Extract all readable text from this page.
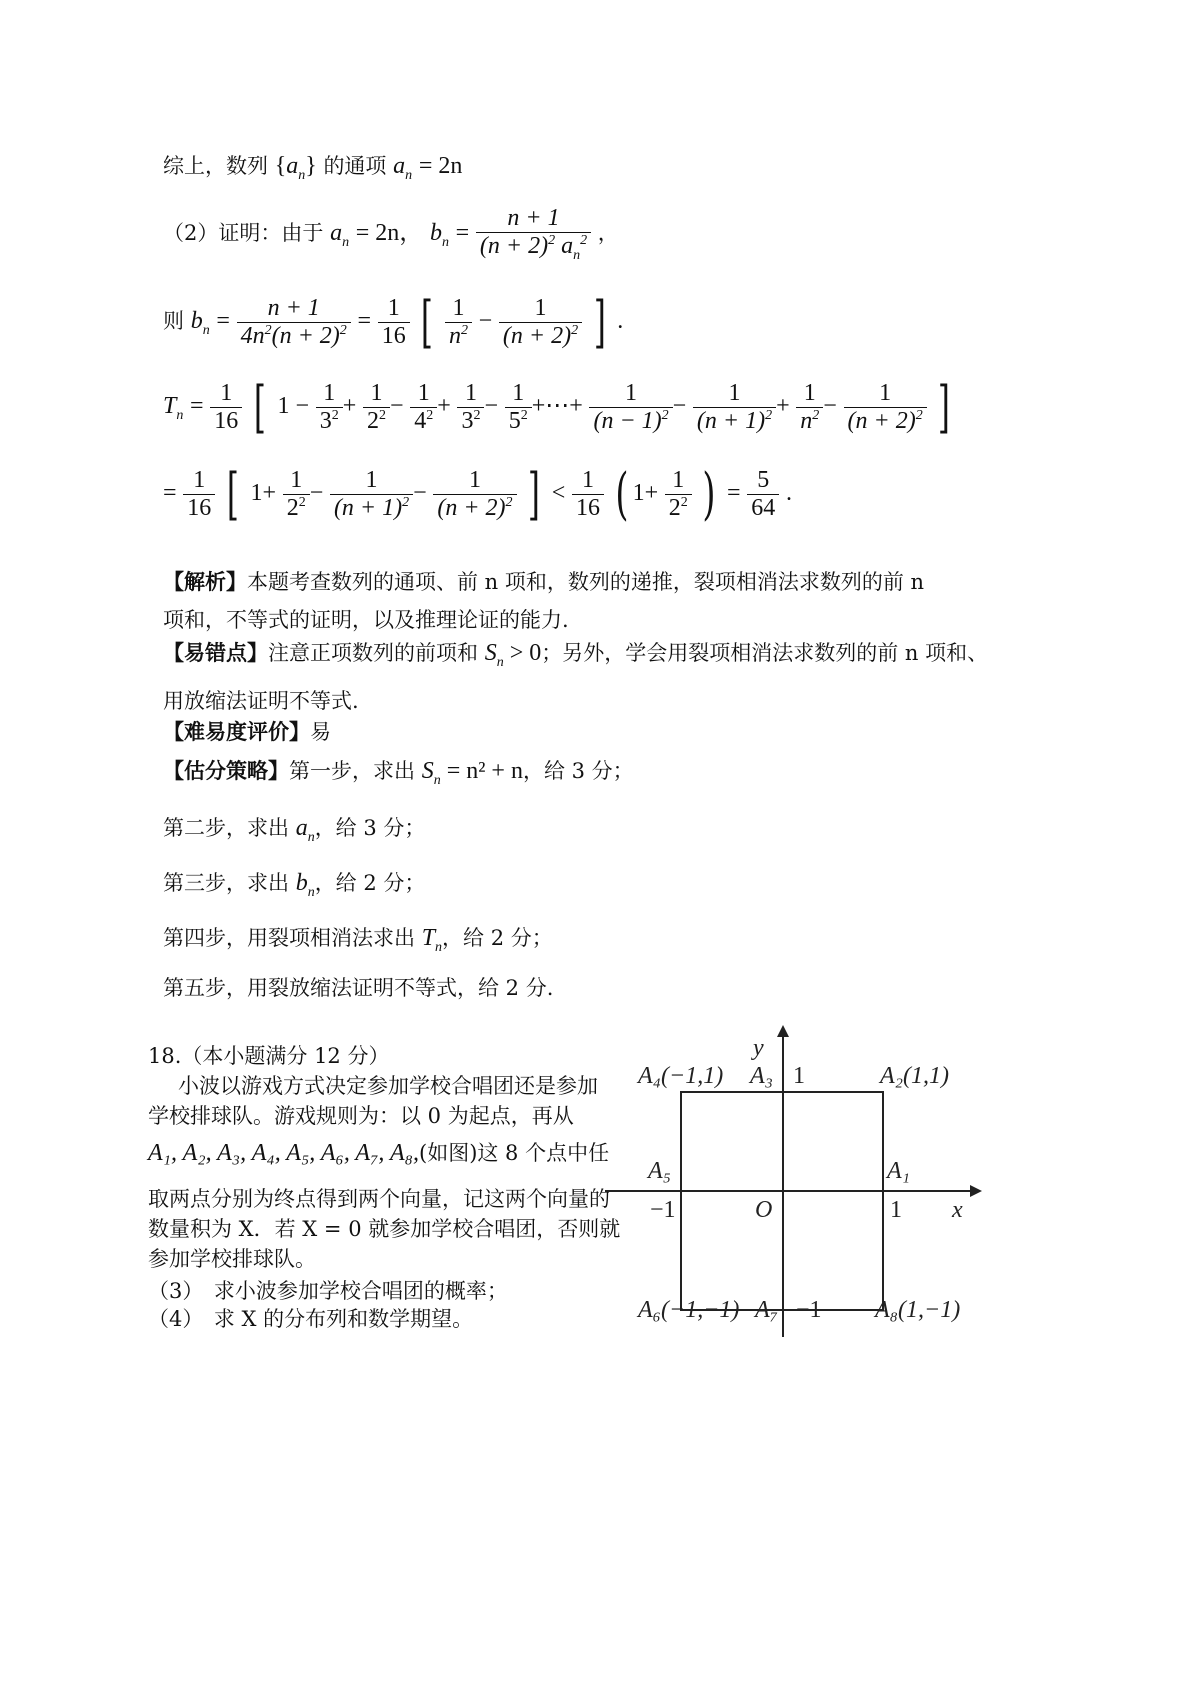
综上，数列 $\{a_n\}$ 的通项 $a_n = 2n$
（2）证明：由于 $a_n = 2n$， $b_n = \frac{n + 1}{(n + 2)^2 a_n^2}$ ，
则 $b_n = \frac{n + 1}{4n^2(n + 2)^2} = \frac{1}{16}$ [ $\frac{1}{n^2} - \frac{1}{(n + 2)^2}$ ] .
$T_n = \frac{1}{16}$ [ $1 - \frac{1}{3^2} + \frac{1}{2^2} - \frac{1}{4^2} + \frac{1}{3^2} - \frac{1}{5^2}$ +⋯+ $\frac{1}{(n - 1)^2} - \frac{1}{(n + 1)^2} + \frac{1}{n^2} - \frac{1}{(n + 2)^2}$ ]
= $\frac{1}{16}$ [ $1+ \frac{1}{2^2} - \frac{1}{(n + 1)^2} - \frac{1}{(n + 2)^2}$ ] < $\frac{1}{16}$ ( $1+ \frac{1}{2^2}$ ) = $\frac{5}{64}$ .
【解析】本题考查数列的通项、前 n 项和，数列的递推，裂项相消法求数列的前 n 项和，不等式的证明，以及推理论证的能力.
【易错点】注意正项数列的前项和 $S_n > 0$；另外，学会用裂项相消法求数列的前 n 项和、
用放缩法证明不等式.
【难易度评价】易
【估分策略】第一步，求出 $S_n = n^2 + n$，给 3 分；
第二步，求出 $a_n$，给 3 分；
第三步，求出 $b_n$，给 2 分；
第四步，用裂项相消法求出 $T_n$，给 2 分；
第五步，用裂放缩法证明不等式，给 2 分.
18.（本小题满分 12 分）
小波以游戏方式决定参加学校合唱团还是参加
学校排球队。游戏规则为：以 0 为起点，再从
A₁, A₂, A₃, A₄, A₅, A₆, A₇, A₈,(如图)这 8 个点中任
取两点分别为终点得到两个向量，记这两个向量的
数量积为 X．若 X = 0 就参加学校合唱团，否则就
参加学校排球队。
（3）　求小波参加学校合唱团的概率；
（4）　求 X 的分布列和数学期望。
y
x
O
A₄(−1,1) A₃ 1	A₂(1,1)
A₅	A₁
−1	1
A₆(−1,−1) A₇ −1 A₈(1,−1)
